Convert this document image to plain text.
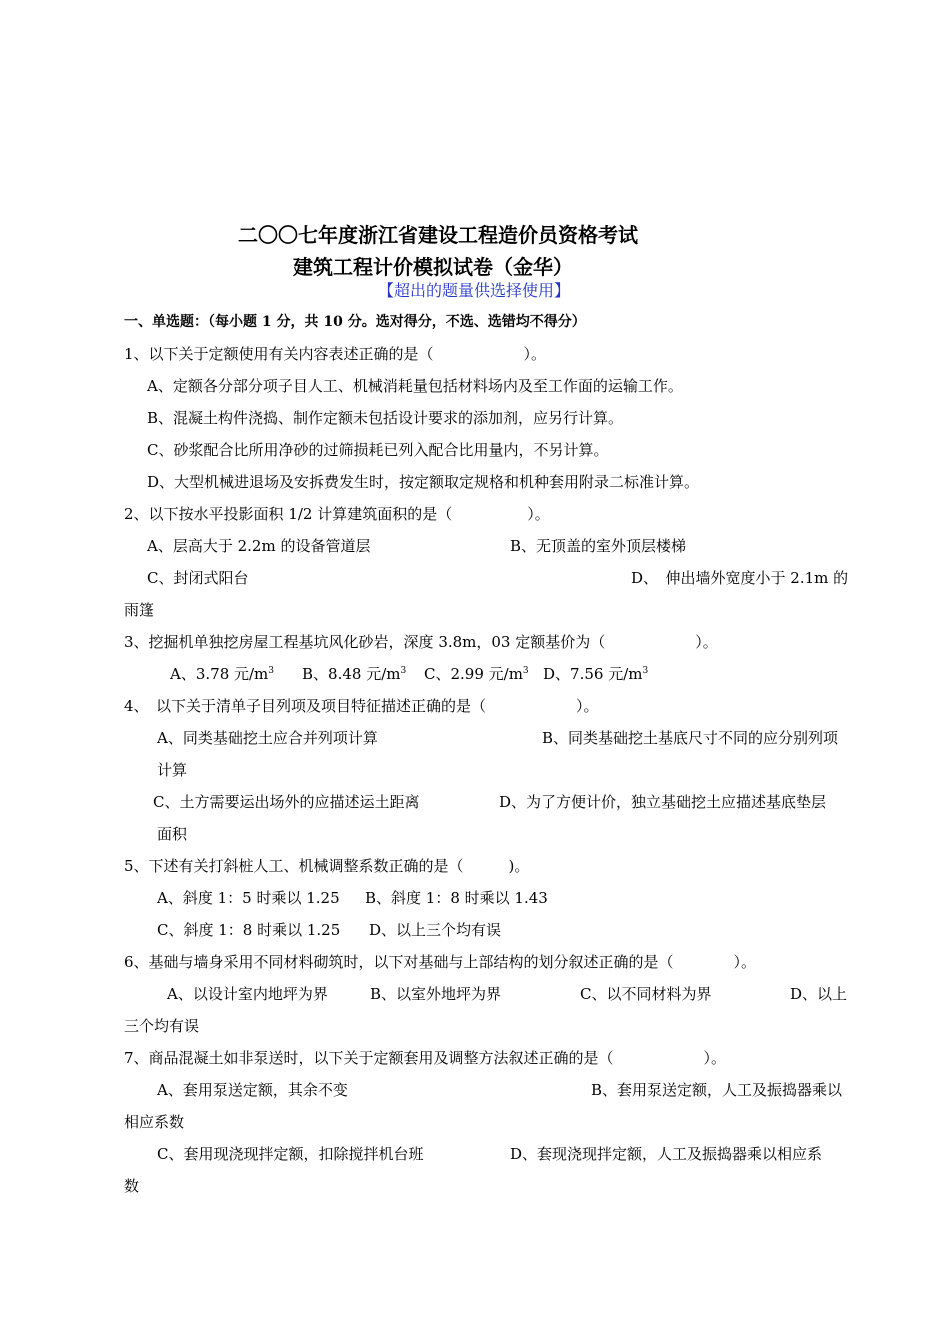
二〇〇七年度浙江省建设工程造价员资格考试
建筑工程计价模拟试卷（金华）
【超出的题量供选择使用】
一、单选题：（每小题 1 分，共 10 分。选对得分，不选、选错均不得分）
1、以下关于定额使用有关内容表述正确的是（　　　　　　）。
A、定额各分部分项子目人工、机械消耗量包括材料场内及至工作面的运输工作。
B、混凝土构件浇捣、制作定额未包括设计要求的添加剂，应另行计算。
C、砂浆配合比所用净砂的过筛损耗已列入配合比用量内，不另计算。
D、大型机械进退场及安拆费发生时，按定额取定规格和机种套用附录二标准计算。
2、以下按水平投影面积 1/2 计算建筑面积的是（　　　　　）。
A、层高大于 2.2m 的设备管道层	B、无顶盖的室外顶层楼梯
C、封闭式阳台	D、　伸出墙外宽度小于 2.1m 的
雨篷
3、挖掘机单独挖房屋工程基坑风化砂岩，深度 3.8m，03 定额基价为（　　　　　　）。
A、3.78 元$/m^3$ B、8.48 元$/m^3$ C、2.99 元$/m^3$ D、7.56 元$/m^3$
4、　以下关于清单子目列项及项目特征描述正确的是（　　　　　　）。
A、同类基础挖土应合并列项计算	B、同类基础挖土基底尺寸不同的应分别列项
计算
C、土方需要运出场外的应描述运土距离	D、为了方便计价，独立基础挖土应描述基底垫层
面积
5、下述有关打斜桩人工、机械调整系数正确的是（　　　)。
A、斜度 1：5 时乘以 1.25 B、斜度 1：8 时乘以 1.43
C、斜度 1：8 时乘以 1.25 D、以上三个均有误
6、基础与墙身采用不同材料砌筑时，以下对基础与上部结构的划分叙述正确的是（　　　　）。
A、以设计室内地坪为界	B、以室外地坪为界	C、以不同材料为界	D、以上
三个均有误
7、商品混凝土如非泵送时，以下关于定额套用及调整方法叙述正确的是（　　　　　　）。
A、套用泵送定额，其余不变	B、套用泵送定额，人工及振捣器乘以
相应系数
C、套用现浇现拌定额，扣除搅拌机台班	D、套现浇现拌定额，人工及振捣器乘以相应系
数
